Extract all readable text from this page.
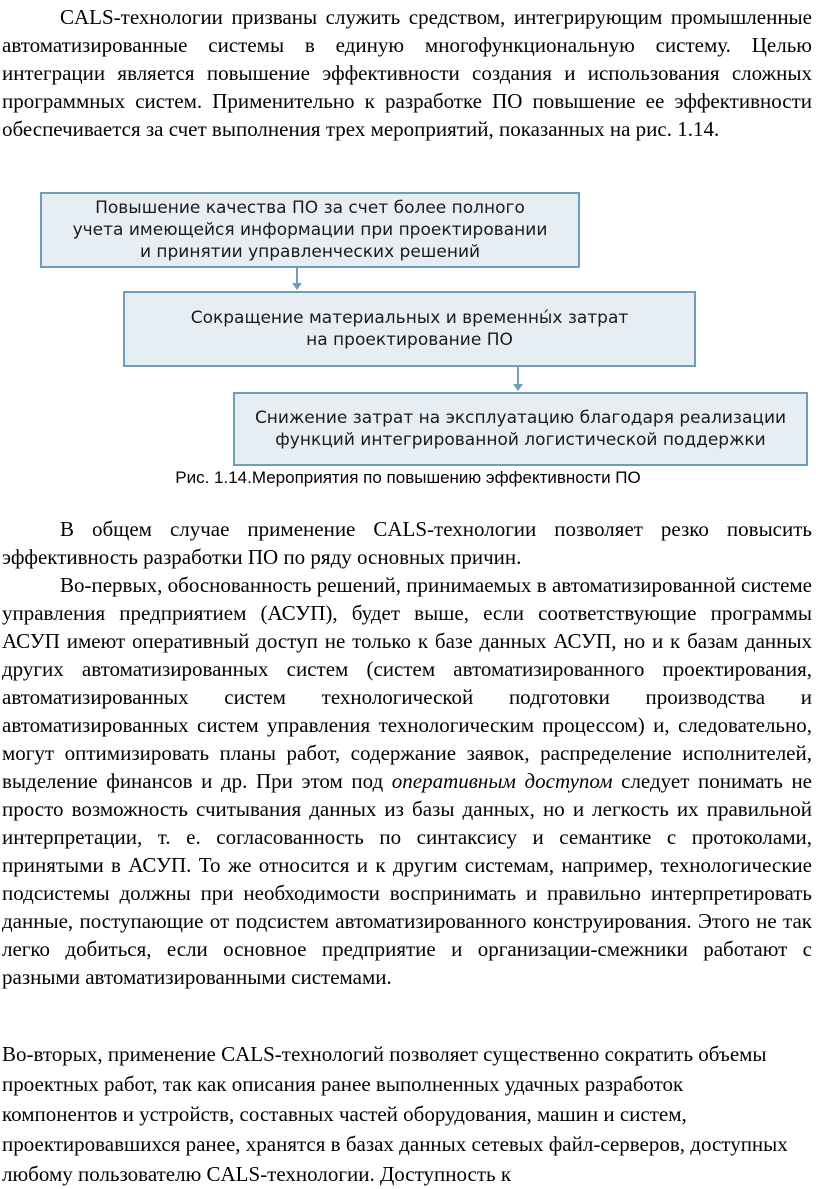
CALS-технологии призваны служить средством, интегрирующим промышленные автоматизированные системы в единую многофункциональную систему. Целью интеграции является повышение эффективности создания и использования сложных программных систем. Применительно к разработке ПО повышение ее эффективности обеспечивается за счет выполнения трех мероприятий, показанных на рис. 1.14.

Повышение качества ПО за счет более полного
учета имеющейся информации при проектировании
и принятии управленческих решений
Сокращение материальных и временны́х затрат
на проектирование ПО
Снижение затрат на эксплуатацию благодаря реализации
функций интегрированной логистической поддержки
Рис. 1.14.Мероприятия по повышению эффективности ПО

В общем случае применение CALS-технологии позволяет резко повысить эффективность разработки ПО по ряду основных причин.

Во-первых, обоснованность решений, принимаемых в автоматизированной системе управления предприятием (АСУП), будет выше, если соответствующие программы АСУП имеют оперативный доступ не только к базе данных АСУП, но и к базам данных других автоматизированных систем (систем автоматизированного проектирования, автоматизированных систем технологической подготовки производства и автоматизированных систем управления технологическим процессом) и, следовательно, могут оптимизировать планы работ, содержание заявок, распределение исполнителей, выделение финансов и др. При этом под оперативным доступом следует понимать не просто возможность считывания данных из базы данных, но и легкость их правильной интерпретации, т. е. согласованность по синтаксису и семантике с протоколами, принятыми в АСУП. То же относится и к другим системам, например, технологические подсистемы должны при необходимости воспринимать и правильно интерпретировать данные, поступающие от подсистем автоматизированного конструирования. Этого не так легко добиться, если основное предприятие и организации-смежники работают с разными автоматизированными системами.

Во-вторых, применение CALS-технологий позволяет существенно сократить объемы проектных работ, так как описания ранее выполненных удачных разработок компонентов и устройств, составных частей оборудования, машин и систем, проектировавшихся ранее, хранятся в базах данных сетевых файл-серверов, доступных любому пользователю CALS-технологии. Доступность к
